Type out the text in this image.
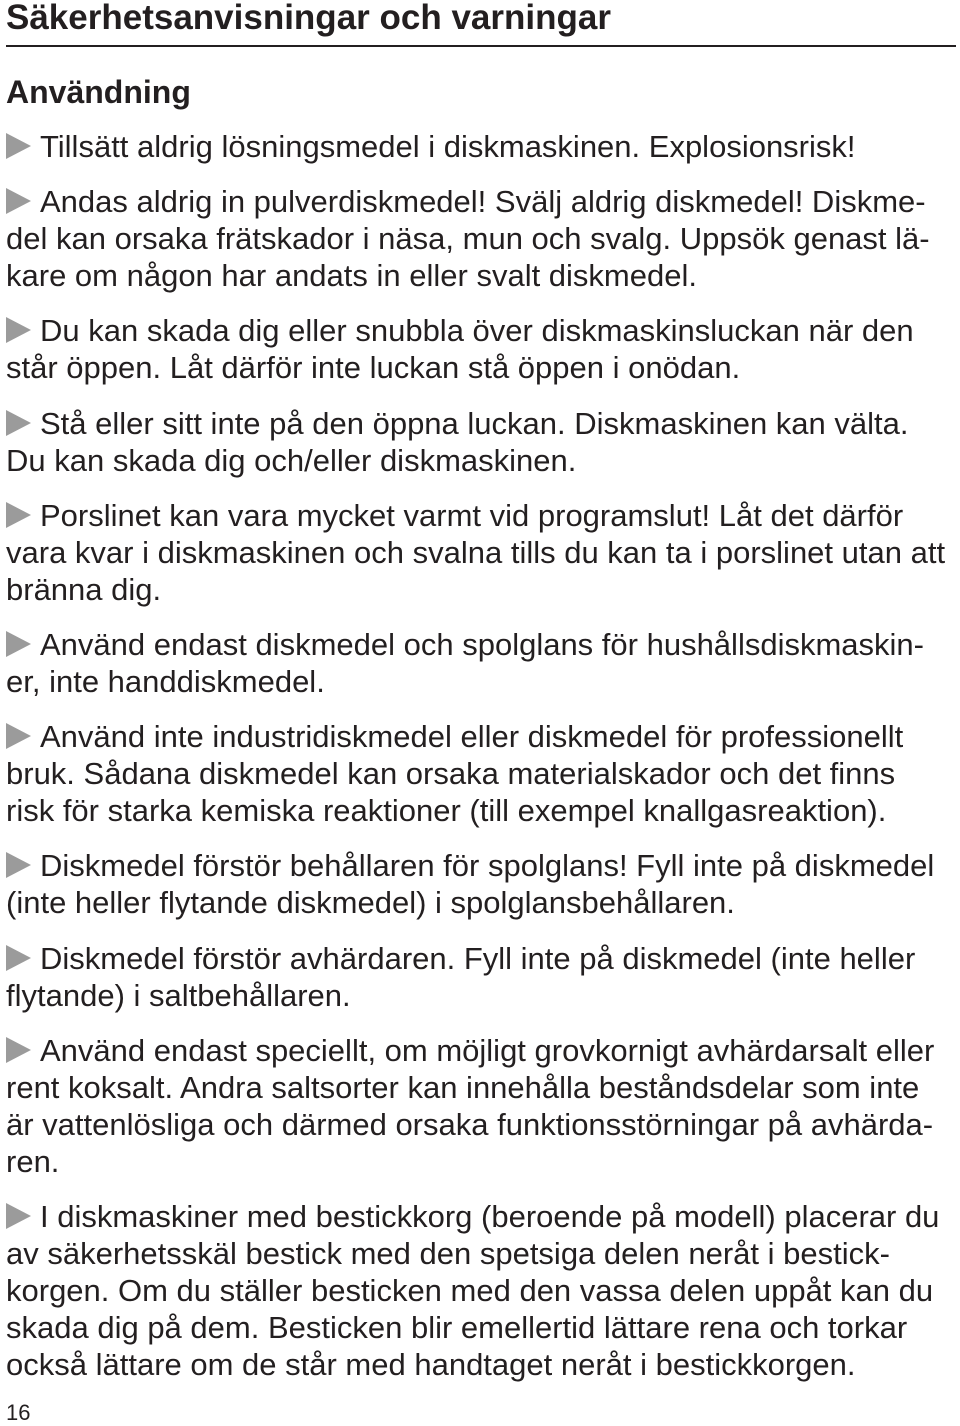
Säkerhetsanvisningar och varningar
Användning
Tillsätt aldrig lösningsmedel i diskmaskinen. Explosionsrisk!
Andas aldrig in pulverdiskmedel! Svälj aldrig diskmedel! Diskme-
del kan orsaka frätskador i näsa, mun och svalg. Uppsök genast lä-
kare om någon har andats in eller svalt diskmedel.
Du kan skada dig eller snubbla över diskmaskinsluckan när den
står öppen. Låt därför inte luckan stå öppen i onödan.
Stå eller sitt inte på den öppna luckan. Diskmaskinen kan välta.
Du kan skada dig och/eller diskmaskinen.
Porslinet kan vara mycket varmt vid programslut! Låt det därför
vara kvar i diskmaskinen och svalna tills du kan ta i porslinet utan att
bränna dig.
Använd endast diskmedel och spolglans för hushållsdiskmaskin-
er, inte handdiskmedel.
Använd inte industridiskmedel eller diskmedel för professionellt
bruk. Sådana diskmedel kan orsaka materialskador och det finns
risk för starka kemiska reaktioner (till exempel knallgasreaktion).
Diskmedel förstör behållaren för spolglans! Fyll inte på diskmedel
(inte heller flytande diskmedel) i spolglansbehållaren.
Diskmedel förstör avhärdaren. Fyll inte på diskmedel (inte heller
flytande) i saltbehållaren.
Använd endast speciellt, om möjligt grovkornigt avhärdarsalt eller
rent koksalt. Andra saltsorter kan innehålla beståndsdelar som inte
är vattenlösliga och därmed orsaka funktionsstörningar på avhärda-
ren.
I diskmaskiner med bestickkorg (beroende på modell) placerar du
av säkerhetsskäl bestick med den spetsiga delen neråt i bestick-
korgen. Om du ställer besticken med den vassa delen uppåt kan du
skada dig på dem. Besticken blir emellertid lättare rena och torkar
också lättare om de står med handtaget neråt i bestickkorgen.
16
